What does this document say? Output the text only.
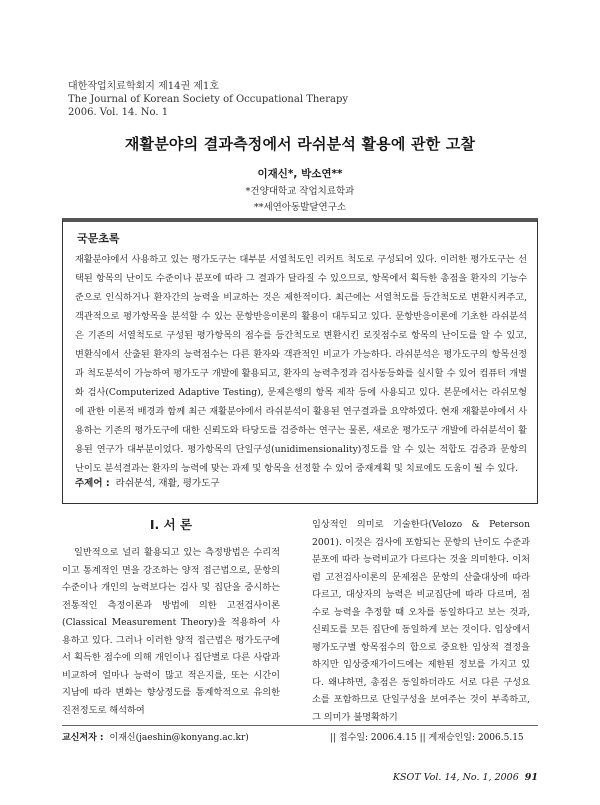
대한작업치료학회지 제14권 제1호
The Journal of Korean Society of Occupational Therapy
2006. Vol. 14. No. 1
재활분야의 결과측정에서 라쉬분석 활용에 관한 고찰
이재신*, 박소연**
*건양대학교 작업치료학과
**세연아동발달연구소
국문초록

재활분야에서 사용하고 있는 평가도구는 대부분 서열척도인 리커트 척도로 구성되어 있다. 이러한 평가도구는 선택된 항목의 난이도 수준이나 분포에 따라 그 결과가 달라질 수 있으므로, 항목에서 획득한 총점을 환자의 기능수준으로 인식하거나 환자간의 능력을 비교하는 것은 제한적이다. 최근에는 서열척도를 등간척도로 변환시켜주고, 객관적으로 평가항목을 분석할 수 있는 문항반응이론의 활용이 대두되고 있다. 문항반응이론에 기초한 라쉬분석은 기존의 서열척도로 구성된 평가항목의 점수를 등간척도로 변환시킨 로짓점수로 항목의 난이도를 알 수 있고, 변환식에서 산출된 환자의 능력점수는 다른 환자와 객관적인 비교가 가능하다. 라쉬분석은 평가도구의 항목선정과 척도분석이 가능하여 평가도구 개발에 활용되고, 환자의 능력추정과 검사동등화를 실시할 수 있어 컴퓨터 개별화 검사(Computerized Adaptive Testing), 문제은행의 항목 제작 등에 사용되고 있다. 본문에서는 라쉬모형에 관한 이론적 배경과 함께 최근 재활분야에서 라쉬분석이 활용된 연구결과를 요약하였다. 현재 재활분야에서 사용하는 기존의 평가도구에 대한 신뢰도와 타당도를 검증하는 연구는 물론, 새로운 평가도구 개발에 라쉬분석이 활용된 연구가 대부분이었다. 평가항목의 단일구성(unidimensionality)정도를 알 수 있는 적합도 검증과 문항의 난이도 분석결과는 환자의 능력에 맞는 과제 및 항목을 선정할 수 있어 중재계획 및 치료에도 도움이 될 수 있다.

주제어 : 라쉬분석, 재활, 평가도구
Ⅰ. 서 론

일반적으로 널리 활용되고 있는 측정방법은 수리적이고 통계적인 면을 강조하는 양적 접근법으로, 문항의 수준이나 개인의 능력보다는 검사 및 집단을 중시하는 전통적인 측정이론과 방법에 의한 고전검사이론(Classical Measurement Theory)을 적용하여 사용하고 있다. 그러나 이러한 양적 접근법은 평가도구에서 획득한 점수에 의해 개인이나 집단별로 다른 사람과 비교하여 얼마나 능력이 많고 적은지를, 또는 시간이 지남에 따라 변화는 향상정도를 통계학적으로 유의한 진전정도로 해석하여

임상적인 의미로 기술한다(Velozo & Peterson 2001). 이것은 검사에 포함되는 문항의 난이도 수준과 분포에 따라 능력비교가 다르다는 것을 의미한다. 이처럼 고전검사이론의 문제점은 문항의 산출대상에 따라 다르고, 대상자의 능력은 비교집단에 따라 다르며, 점수로 능력을 추정할 때 오차를 동일하다고 보는 것과, 신뢰도를 모든 집단에 동일하게 보는 것이다. 임상에서 평가도구별 항목점수의 합으로 중요한 임상적 결정을 하지만 임상중재가이드에는 제한된 정보를 가지고 있다. 왜냐하면, 총점은 동일하더라도 서로 다른 구성요소를 포함하므로 단일구성을 보여주는 것이 부족하고, 그 의미가 불명확하기

교신저자 : 이재신(jaeshin@konyang.ac.kr)	|| 접수일: 2006.4.15 || 게재승인일: 2006.5.15
KSOT Vol. 14, No. 1, 2006 91
